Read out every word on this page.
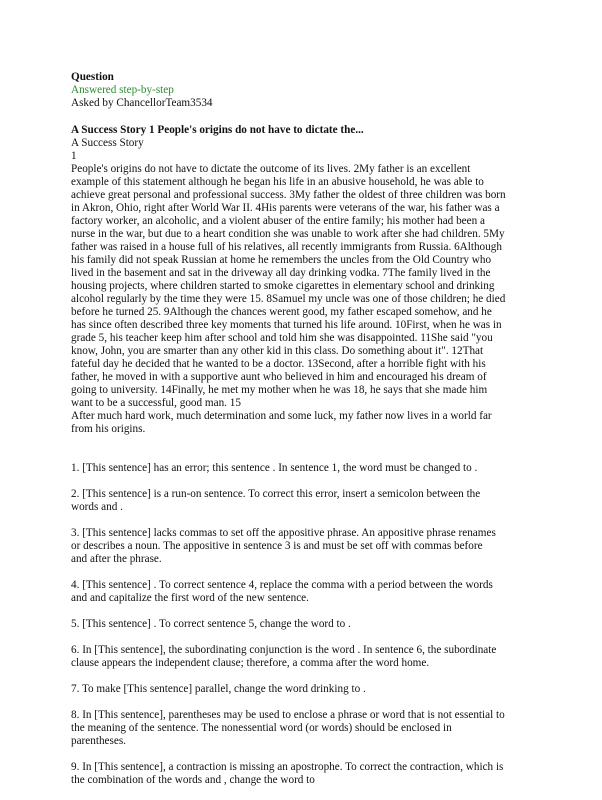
Question
Answered step-by-step
Asked by ChancellorTeam3534
A Success Story 1 People's origins do not have to dictate the...
A Success Story
1
People's origins do not have to dictate the outcome of its lives. 2My father is an excellent
example of this statement although he began his life in an abusive household, he was able to
achieve great personal and professional success. 3My father the oldest of three children was born
in Akron, Ohio, right after World War II. 4His parents were veterans of the war, his father was a
factory worker, an alcoholic, and a violent abuser of the entire family; his mother had been a
nurse in the war, but due to a heart condition she was unable to work after she had children. 5My
father was raised in a house full of his relatives, all recently immigrants from Russia. 6Although
his family did not speak Russian at home he remembers the uncles from the Old Country who
lived in the basement and sat in the driveway all day drinking vodka. 7The family lived in the
housing projects, where children started to smoke cigarettes in elementary school and drinking
alcohol regularly by the time they were 15. 8Samuel my uncle was one of those children; he died
before he turned 25. 9Although the chances werent good, my father escaped somehow, and he
has since often described three key moments that turned his life around. 10First, when he was in
grade 5, his teacher keep him after school and told him she was disappointed. 11She said "you
know, John, you are smarter than any other kid in this class. Do something about it". 12That
fateful day he decided that he wanted to be a doctor. 13Second, after a horrible fight with his
father, he moved in with a supportive aunt who believed in him and encouraged his dream of
going to university. 14Finally, he met my mother when he was 18, he says that she made him
want to be a successful, good man. 15
After much hard work, much determination and some luck, my father now lives in a world far
from his origins.

1. [This sentence] has an error; this sentence . In sentence 1, the word must be changed to .

2. [This sentence] is a run-on sentence. To correct this error, insert a semicolon between the
words and .

3. [This sentence] lacks commas to set off the appositive phrase. An appositive phrase renames
or describes a noun. The appositive in sentence 3 is and must be set off with commas before
and after the phrase.

4. [This sentence] . To correct sentence 4, replace the comma with a period between the words
and and capitalize the first word of the new sentence.

5. [This sentence] . To correct sentence 5, change the word to .

6. In [This sentence], the subordinating conjunction is the word . In sentence 6, the subordinate
clause appears the independent clause; therefore, a comma after the word home.

7. To make [This sentence] parallel, change the word drinking to .

8. In [This sentence], parentheses may be used to enclose a phrase or word that is not essential to
the meaning of the sentence. The nonessential word (or words) should be enclosed in
parentheses.

9. In [This sentence], a contraction is missing an apostrophe. To correct the contraction, which is
the combination of the words and , change the word to
